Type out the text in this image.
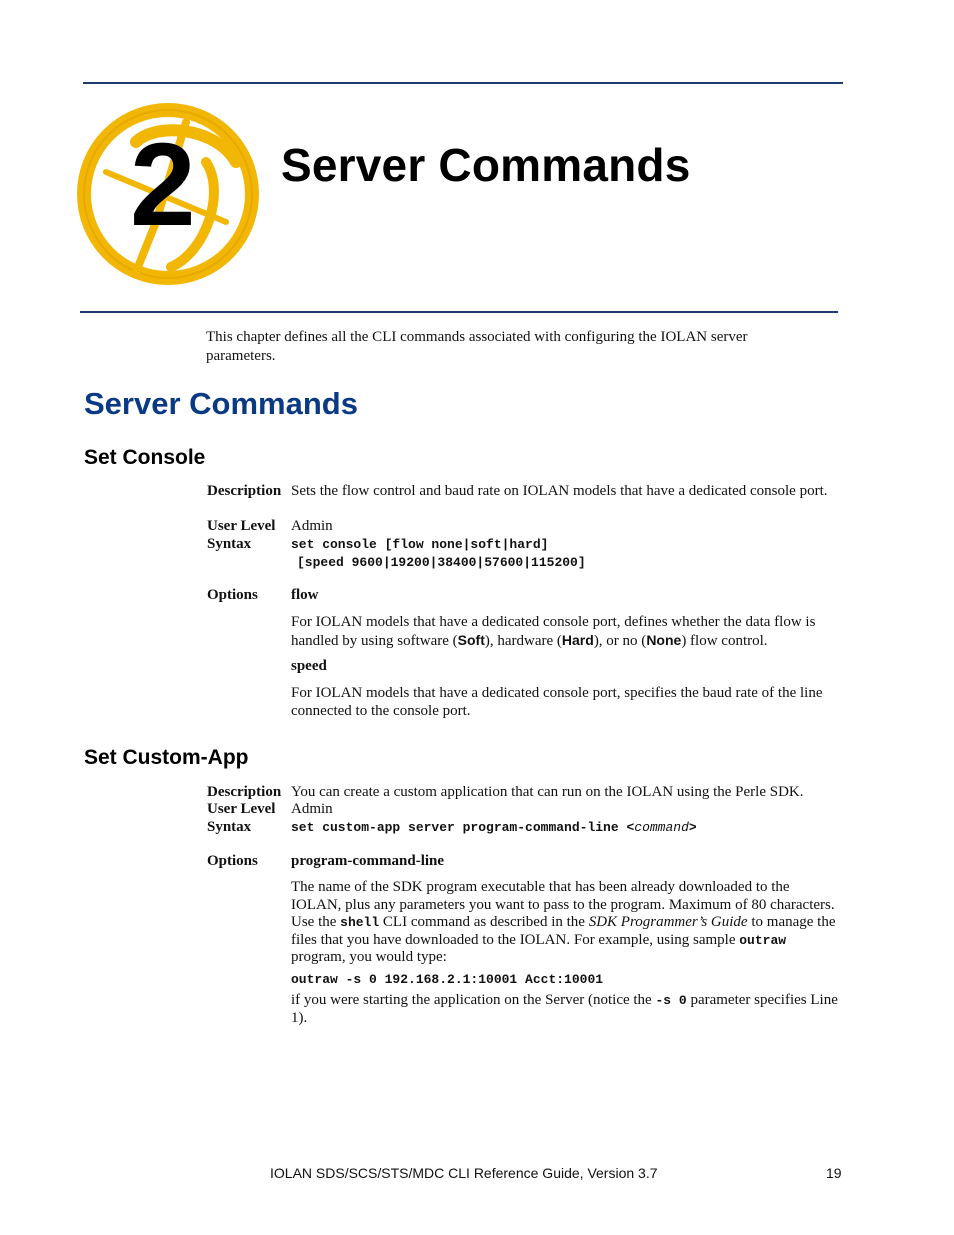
2	Server Commands
This chapter defines all the CLI commands associated with configuring the IOLAN server parameters.
Server Commands
Set Console
Description Sets the flow control and baud rate on IOLAN models that have a dedicated console port.
User Level Admin
Syntax	set console [flow none|soft|hard]
[speed 9600|19200|38400|57600|115200]
Options flow
For IOLAN models that have a dedicated console port, defines whether the data flow is handled by using software (Soft), hardware (Hard), or no (None) flow control.
speed
For IOLAN models that have a dedicated console port, specifies the baud rate of the line connected to the console port.
Set Custom-App
Description You can create a custom application that can run on the IOLAN using the Perle SDK.
User Level Admin
Syntax	set custom-app server program-command-line <command>
Options program-command-line
The name of the SDK program executable that has been already downloaded to the IOLAN, plus any parameters you want to pass to the program. Maximum of 80 characters. Use the shell CLI command as described in the SDK Programmer’s Guide to manage the files that you have downloaded to the IOLAN. For example, using sample outraw program, you would type:
outraw -s 0 192.168.2.1:10001 Acct:10001
if you were starting the application on the Server (notice the -s 0 parameter specifies Line 1).
IOLAN SDS/SCS/STS/MDC CLI Reference Guide, Version 3.7	19
